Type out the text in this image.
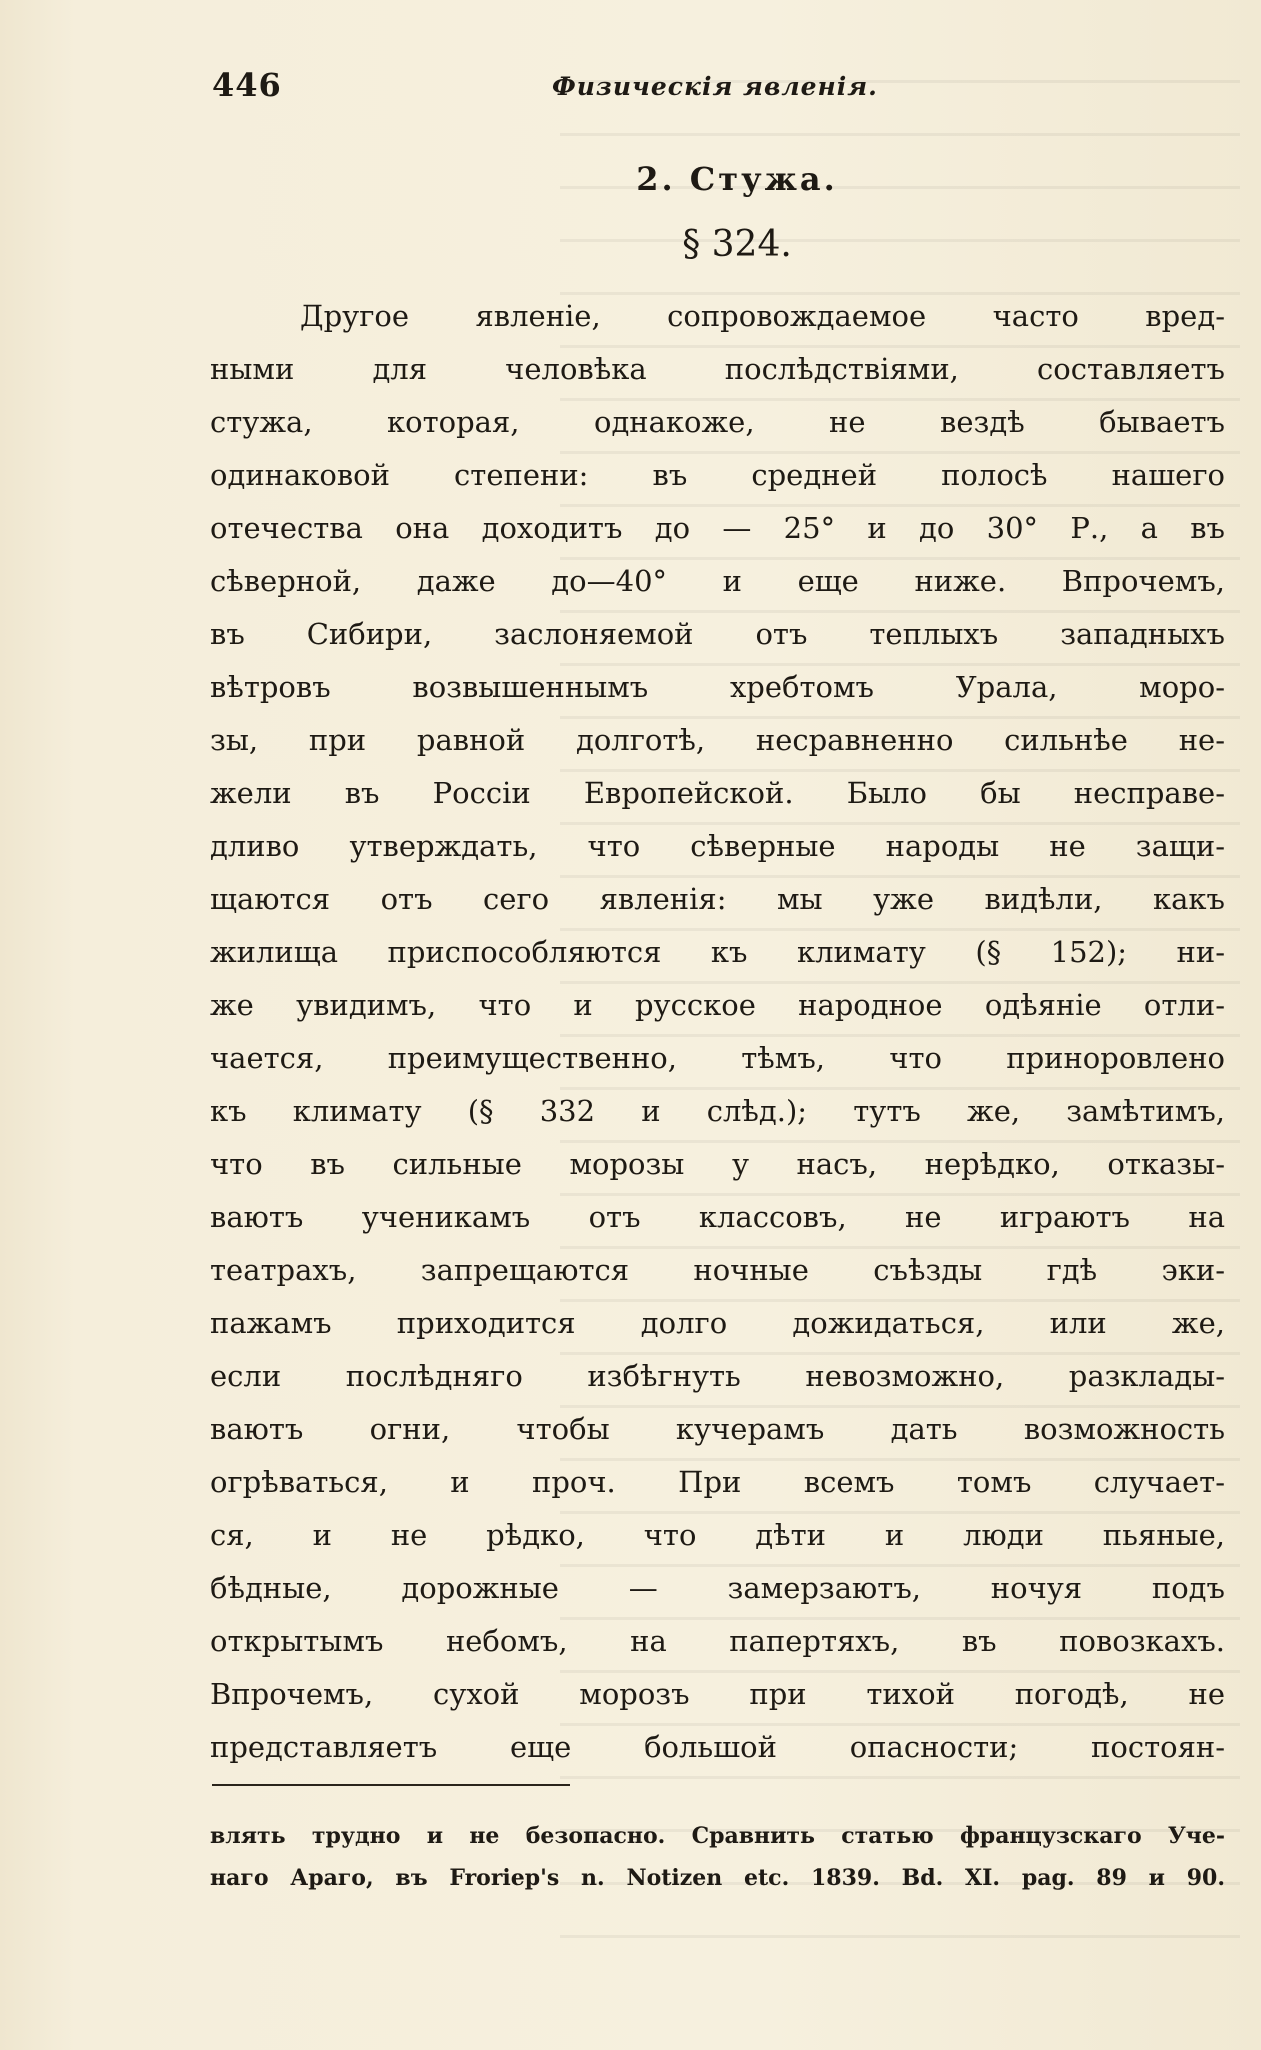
446	Физическія явленія.
2. Стужа.
§ 324.
Другое явленіе, сопровождаемое часто вред-
ными для человѣка послѣдствіями, составляетъ
стужа, которая, однакоже, не вездѣ бываетъ
одинаковой степени: въ средней полосѣ нашего
отечества она доходитъ до — 25° и до 30° Р., а въ
сѣверной, даже до—40° и еще ниже. Впрочемъ,
въ Сибири, заслоняемой отъ теплыхъ западныхъ
вѣтровъ возвышеннымъ хребтомъ Урала, моро-
зы, при равной долготѣ, несравненно сильнѣе не-
жели въ Россіи Европейской. Было бы несправе-
дливо утверждать, что сѣверные народы не защи-
щаются отъ сего явленія: мы уже видѣли, какъ
жилища приспособляются къ климату (§ 152); ни-
же увидимъ, что и русское народное одѣяніе отли-
чается, преимущественно, тѣмъ, что приноровлено
къ климату (§ 332 и слѣд.); тутъ же, замѣтимъ,
что въ сильные морозы у насъ, нерѣдко, отказы-
ваютъ ученикамъ отъ классовъ, не играютъ на
театрахъ, запрещаются ночные съѣзды гдѣ эки-
пажамъ приходится долго дожидаться, или же,
если послѣдняго избѣгнуть невозможно, разклады-
ваютъ огни, чтобы кучерамъ дать возможность
огрѣваться, и проч. При всемъ томъ случает-
ся, и не рѣдко, что дѣти и люди пьяные,
бѣдные, дорожные — замерзаютъ, ночуя подъ
открытымъ небомъ, на папертяхъ, въ повозкахъ.
Впрочемъ, сухой морозъ при тихой погодѣ, не
представляетъ еще большой опасности; постоян-
влять трудно и не безопасно. Сравнить статью французскаго Уче-
наго Араго, въ Froriep's n. Notizen etc. 1839. Bd. XI. pag. 89 и 90.
